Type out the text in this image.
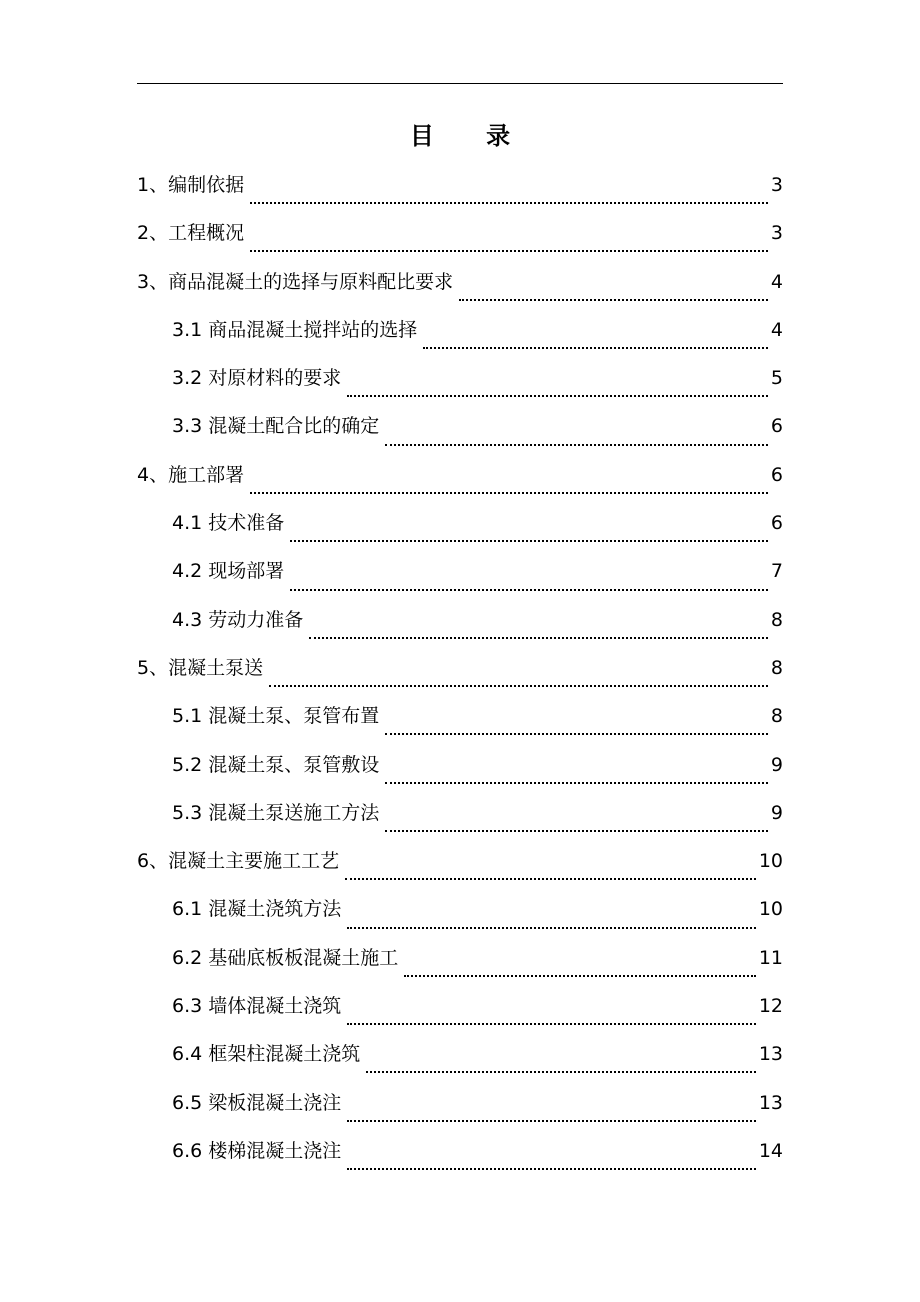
目 录
1、编制依据	3
2、工程概况	3
3、商品混凝土的选择与原料配比要求	4
3.1 商品混凝土搅拌站的选择	4
3.2 对原材料的要求	5
3.3 混凝土配合比的确定	6
4、施工部署	6
4.1 技术准备	6
4.2 现场部署	7
4.3 劳动力准备	8
5、混凝土泵送	8
5.1 混凝土泵、泵管布置	8
5.2 混凝土泵、泵管敷设	9
5.3 混凝土泵送施工方法	9
6、混凝土主要施工工艺	10
6.1 混凝土浇筑方法	10
6.2 基础底板板混凝土施工	11
6.3 墙体混凝土浇筑	12
6.4 框架柱混凝土浇筑	13
6.5 梁板混凝土浇注	13
6.6 楼梯混凝土浇注	14
